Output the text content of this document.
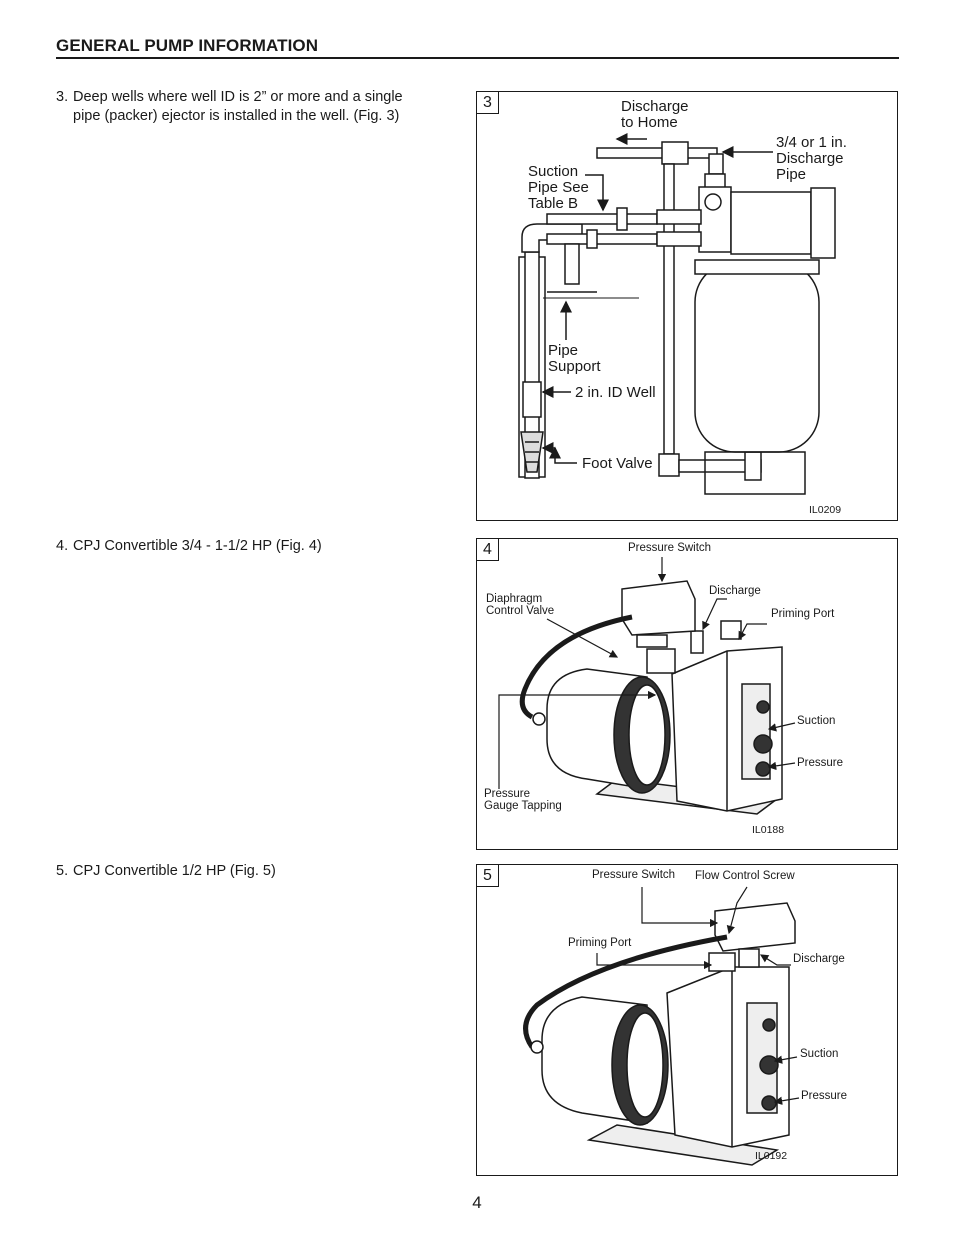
GENERAL PUMP INFORMATION
3. Deep wells where well ID is 2” or more and a single
pipe (packer) ejector is installed in the well. (Fig. 3)
4. CPJ Convertible 3/4 - 1-1/2 HP (Fig. 4)
5. CPJ Convertible 1/2 HP (Fig. 5)
3	Discharge
to Home
3/4 or 1 in.
Discharge
Pipe
Suction
Pipe See
Table B
Pipe
Support
2 in. ID Well
Foot Valve
IL0209
4	Pressure Switch
Diaphragm
Control Valve
Discharge
Priming Port
Suction
Pressure
Pressure
Gauge Tapping
IL0188
5	Pressure Switch Flow Control Screw
Priming Port
Discharge
Suction
Pressure
IL0192
4
